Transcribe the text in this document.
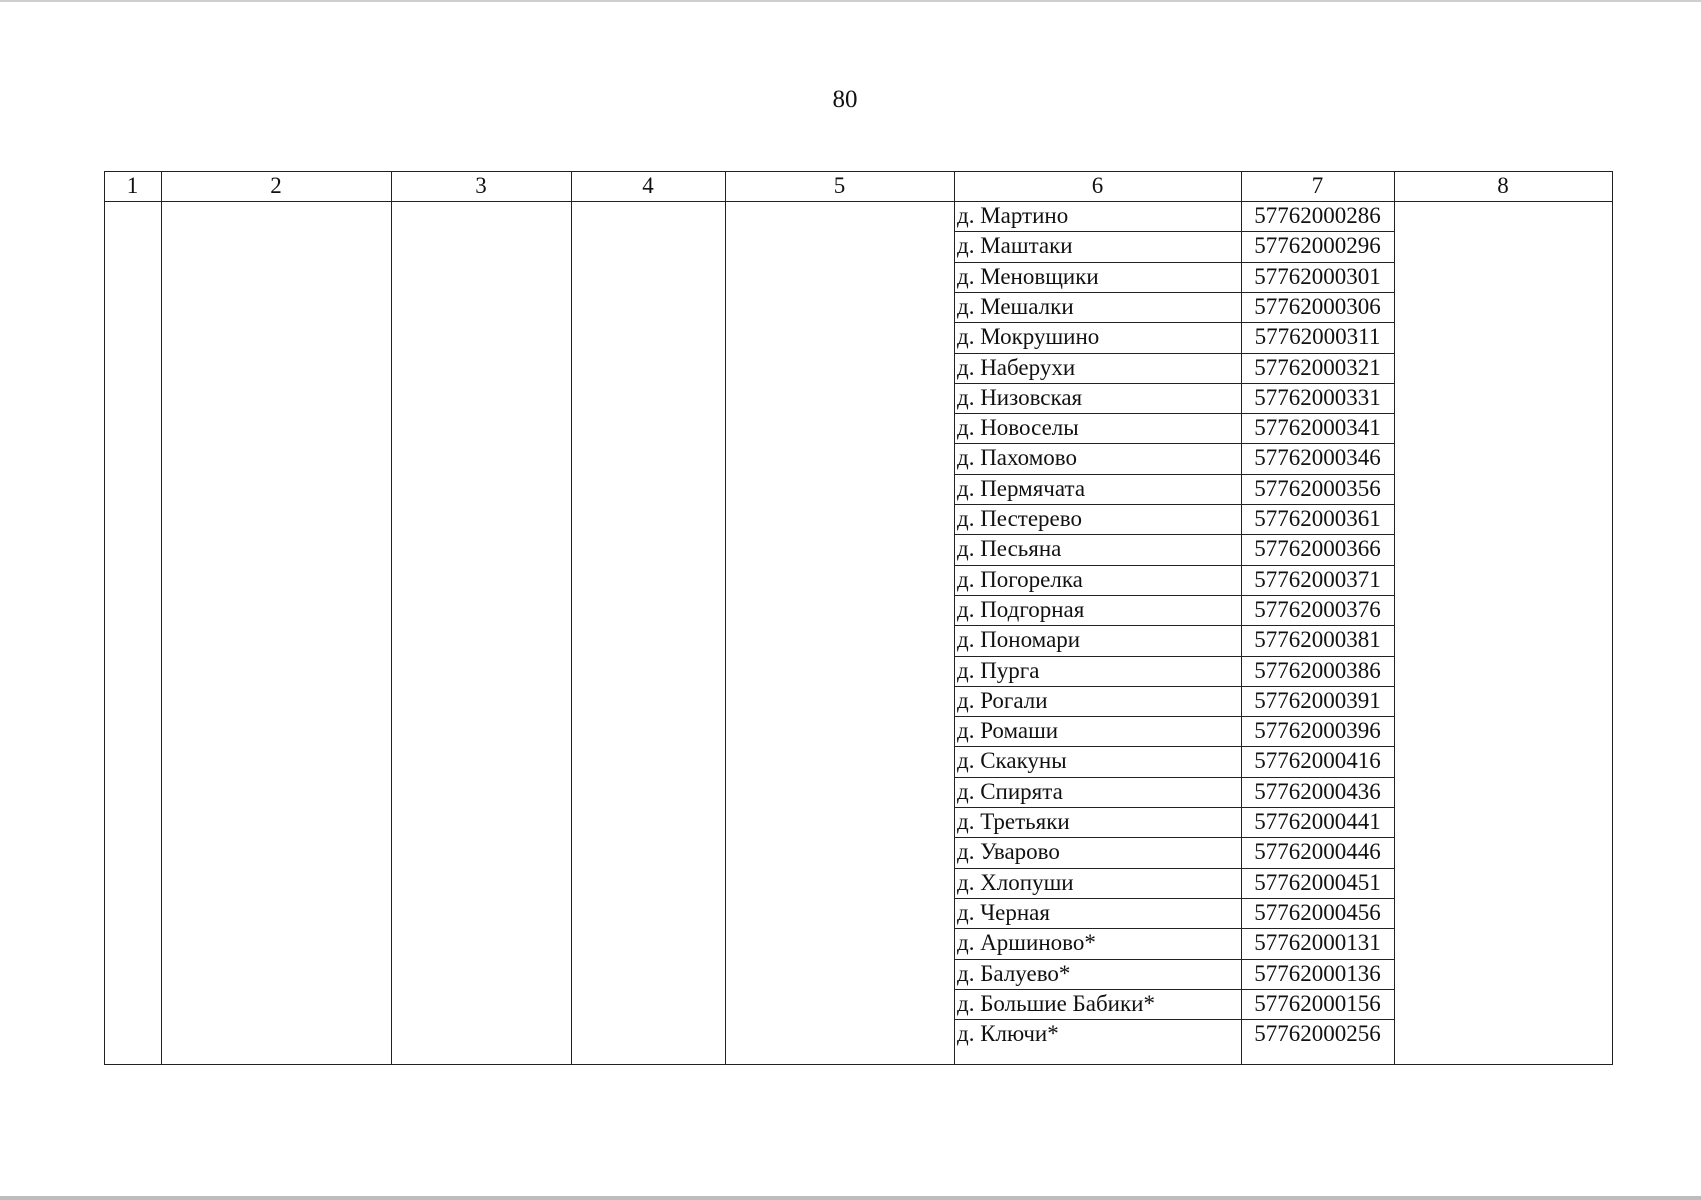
80
1	2	3	4	5	6	7	8
д. Мартино	57762000286
д. Маштаки	57762000296
д. Меновщики	57762000301
д. Мешалки	57762000306
д. Мокрушино	57762000311
д. Наберухи	57762000321
д. Низовская	57762000331
д. Новоселы	57762000341
д. Пахомово	57762000346
д. Пермячата	57762000356
д. Пестерево	57762000361
д. Песьяна	57762000366
д. Погорелка	57762000371
д. Подгорная	57762000376
д. Пономари	57762000381
д. Пурга	57762000386
д. Рогали	57762000391
д. Ромаши	57762000396
д. Скакуны	57762000416
д. Спирята	57762000436
д. Третьяки	57762000441
д. Уварово	57762000446
д. Хлопуши	57762000451
д. Черная	57762000456
д. Аршиново*	57762000131
д. Балуево*	57762000136
д. Большие Бабики*	57762000156
д. Ключи*	57762000256
